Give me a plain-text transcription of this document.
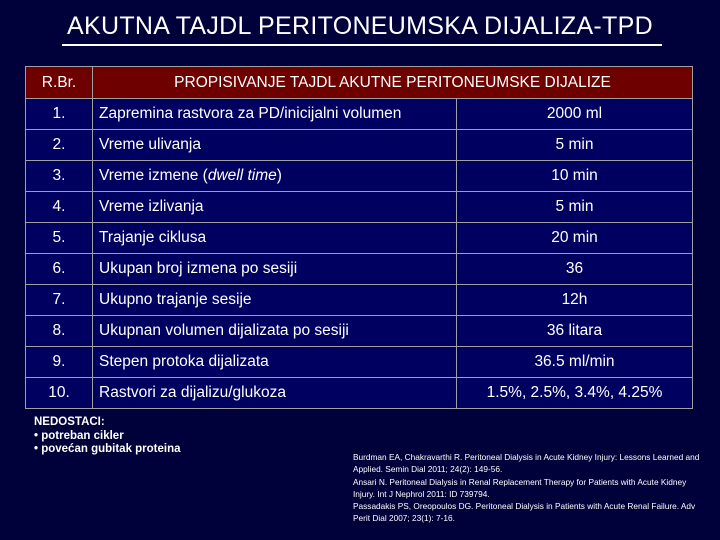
AKUTNA TAJDL PERITONEUMSKA DIJALIZA-TPD
R.Br.	PROPISIVANJE TAJDL AKUTNE PERITONEUMSKE DIJALIZE	
1.	Zapremina rastvora za PD/inicijalni volumen	2000 ml
2.	Vreme ulivanja	5 min
3.	Vreme izmene (dwell time)	10 min
4.	Vreme izlivanja	5 min
5.	Trajanje ciklusa	20 min
6.	Ukupan broj izmena po sesiji	36
7.	Ukupno trajanje sesije	12h
8.	Ukupnan volumen dijalizata po sesiji	36 litara
9.	Stepen protoka dijalizata	36.5 ml/min
10.	Rastvori za dijalizu/glukoza	1.5%, 2.5%, 3.4%, 4.25%
NEDOSTACI:
• potreban cikler
• povećan gubitak proteina
Burdman EA, Chakravarthi R. Peritoneal Dialysis in Acute Kidney Injury: Lessons Learned and Applied. Semin Dial 2011; 24(2): 149-56.
Ansari N. Peritoneal Dialysis in Renal Replacement Therapy for Patients with Acute Kidney Injury. Int J Nephrol 2011: ID 739794.
Passadakis PS, Oreopoulos DG. Peritoneal Dialysis in Patients with Acute Renal Failure. Adv Perit Dial 2007; 23(1): 7-16.
